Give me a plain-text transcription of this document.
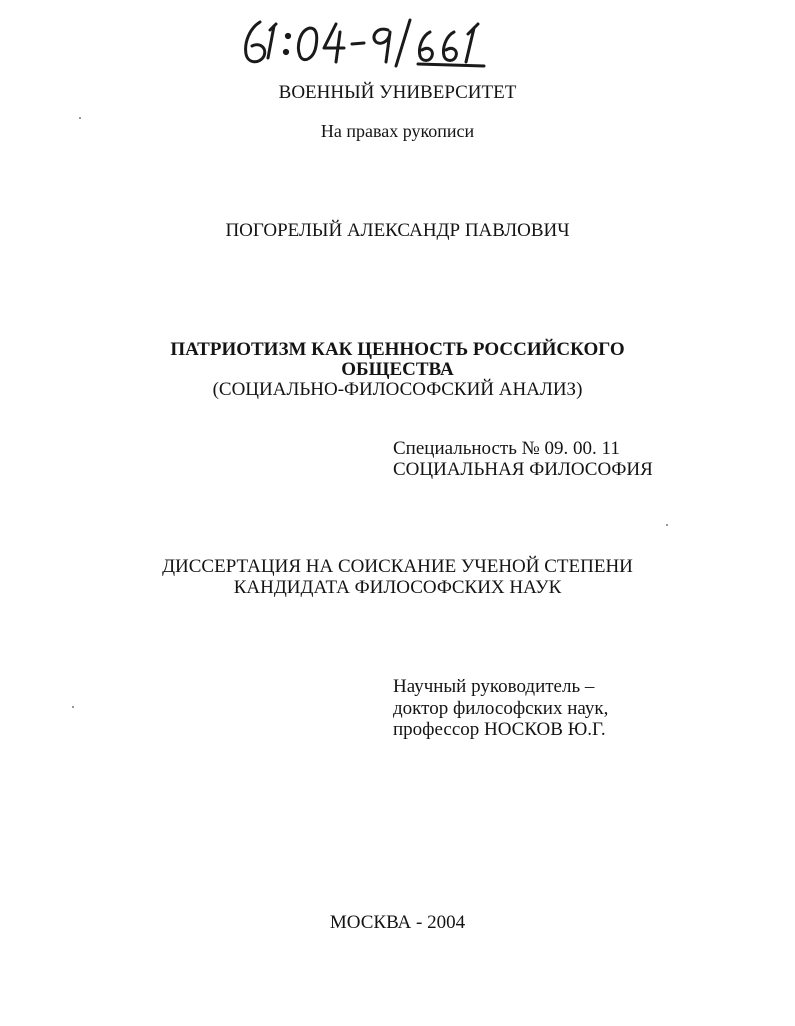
ВОЕННЫЙ УНИВЕРСИТЕТ
На правах рукописи
ПОГОРЕЛЫЙ АЛЕКСАНДР ПАВЛОВИЧ
ПАТРИОТИЗМ КАК ЦЕННОСТЬ РОССИЙСКОГО
ОБЩЕСТВА
(СОЦИАЛЬНО-ФИЛОСОФСКИЙ АНАЛИЗ)
Специальность № 09. 00. 11
СОЦИАЛЬНАЯ ФИЛОСОФИЯ
ДИССЕРТАЦИЯ НА СОИСКАНИЕ УЧЕНОЙ СТЕПЕНИ
КАНДИДАТА ФИЛОСОФСКИХ НАУК
Научный руководитель –
доктор философских наук,
профессор НОСКОВ Ю.Г.
МОСКВА - 2004
